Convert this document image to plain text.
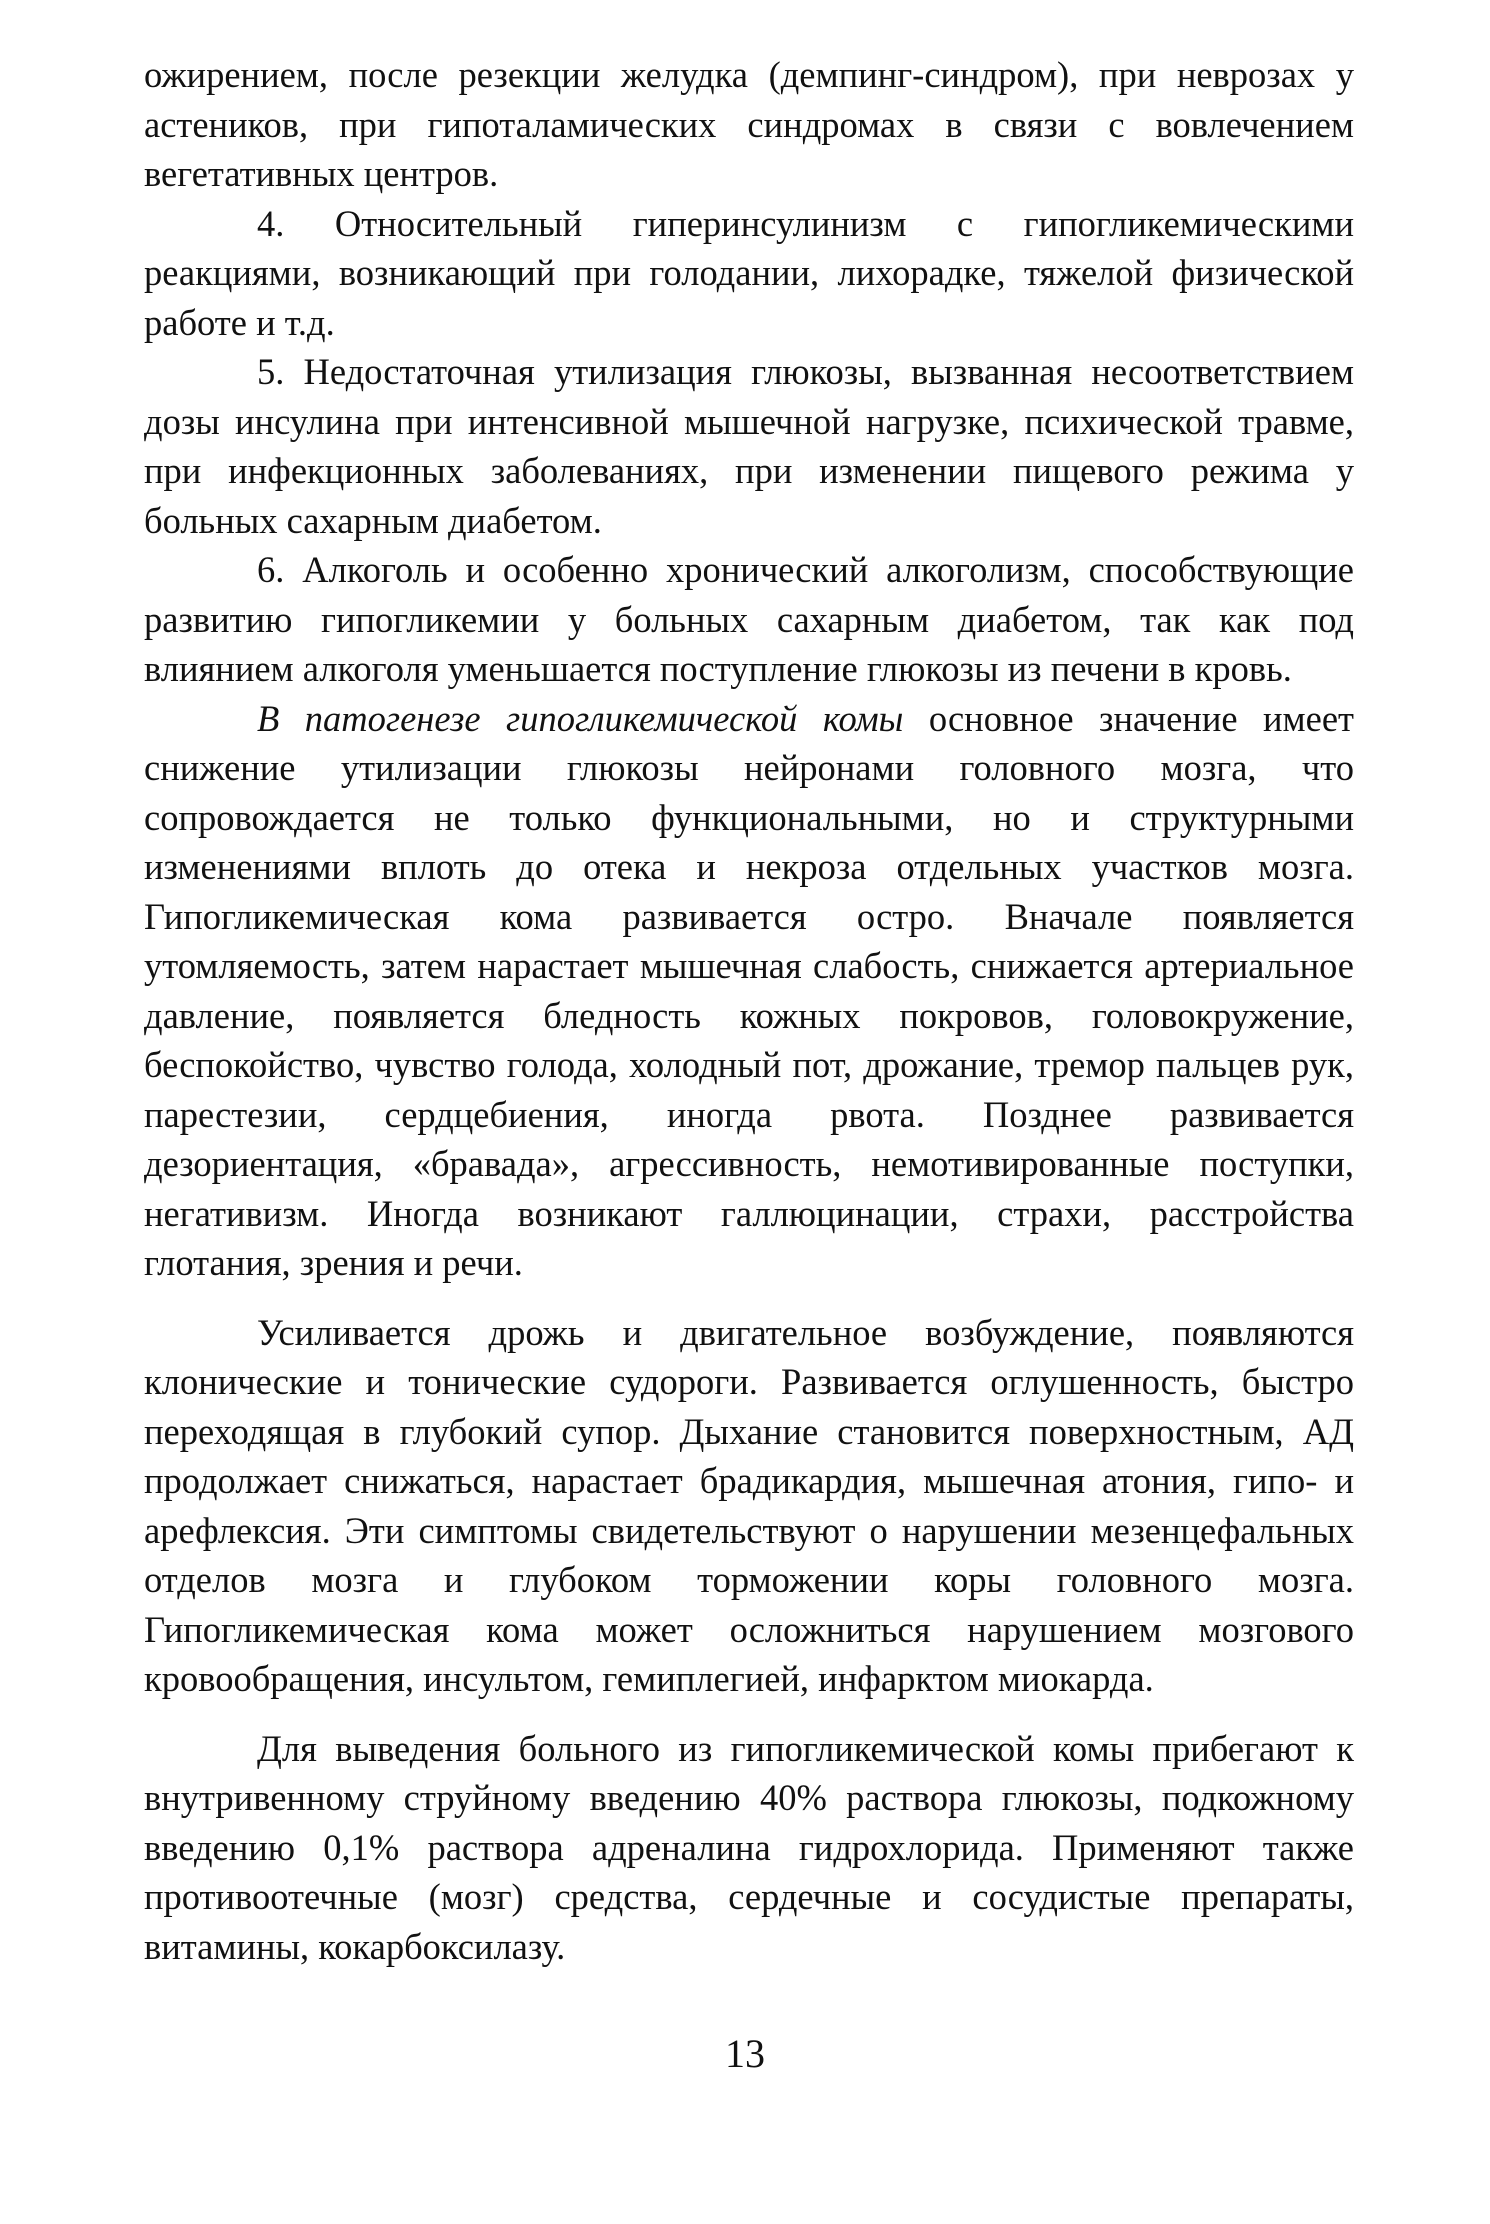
ожирением, после резекции желудка (демпинг-синдром), при неврозах у астеников, при гипоталамических синдромах в связи с вовлечением вегетативных центров.

4. Относительный гиперинсулинизм с гипогликемическими реакциями, возникающий при голодании, лихорадке, тяжелой физической работе и т.д.

5. Недостаточная утилизация глюкозы, вызванная несоответствием дозы инсулина при интенсивной мышечной нагрузке, психической травме, при инфекционных заболеваниях, при изменении пищевого режима у больных сахарным диабетом.

6. Алкоголь и особенно хронический алкоголизм, способствующие развитию гипогликемии у больных сахарным диабетом, так как под влиянием алкоголя уменьшается поступление глюкозы из печени в кровь.

В патогенезе гипогликемической комы основное значение имеет снижение утилизации глюкозы нейронами головного мозга, что сопровождается не только функциональными, но и структурными изменениями вплоть до отека и некроза отдельных участков мозга. Гипогликемическая кома развивается остро. Вначале появляется утомляемость, затем нарастает мышечная слабость, снижается артериальное давление, появляется бледность кожных покровов, головокружение, беспокойство, чувство голода, холодный пот, дрожание, тремор пальцев рук, парестезии, сердцебиения, иногда рвота. Позднее развивается дезориентация, «бравада», агрессивность, немотивированные поступки, негативизм. Иногда возникают галлюцинации, страхи, расстройства глотания, зрения и речи.

Усиливается дрожь и двигательное возбуждение, появляются клонические и тонические судороги. Развивается оглушенность, быстро переходящая в глубокий супор. Дыхание становится поверхностным, АД продолжает снижаться, нарастает брадикардия, мышечная атония, гипо- и арефлексия. Эти симптомы свидетельствуют о нарушении мезенцефальных отделов мозга и глубоком торможении коры головного мозга. Гипогликемическая кома может осложниться нарушением мозгового кровообращения, инсультом, гемиплегией, инфарктом миокарда.

Для выведения больного из гипогликемической комы прибегают к внутривенному струйному введению 40% раствора глюкозы, подкожному введению 0,1% раствора адреналина гидрохлорида. Применяют также противоотечные (мозг) средства, сердечные и сосудистые препараты, витамины, кокарбоксилазу.

13
